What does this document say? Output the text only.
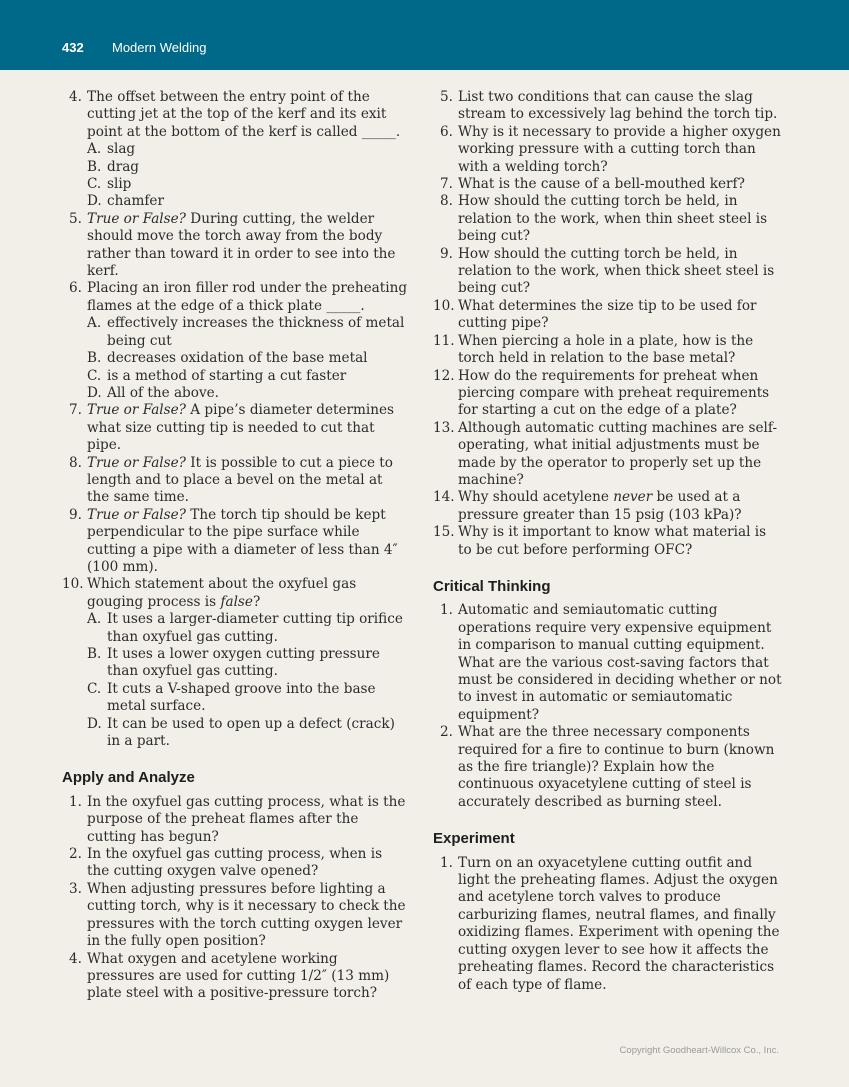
432 Modern Welding
4. The offset between the entry point of the cutting jet at the top of the kerf and its exit point at the bottom of the kerf is called _____.
A. slag
B. drag
C. slip
D. chamfer
5. True or False? During cutting, the welder should move the torch away from the body rather than toward it in order to see into the kerf.
6. Placing an iron filler rod under the preheating flames at the edge of a thick plate _____.
A. effectively increases the thickness of metal being cut
B. decreases oxidation of the base metal
C. is a method of starting a cut faster
D. All of the above.
7. True or False? A pipe’s diameter determines what size cutting tip is needed to cut that pipe.
8. True or False? It is possible to cut a piece to length and to place a bevel on the metal at the same time.
9. True or False? The torch tip should be kept perpendicular to the pipe surface while cutting a pipe with a diameter of less than 4″ (100 mm).
10. Which statement about the oxyfuel gas gouging process is false?
A. It uses a larger-diameter cutting tip orifice than oxyfuel gas cutting.
B. It uses a lower oxygen cutting pressure than oxyfuel gas cutting.
C. It cuts a V-shaped groove into the base metal surface.
D. It can be used to open up a defect (crack) in a part.
Apply and Analyze
1. In the oxyfuel gas cutting process, what is the purpose of the preheat flames after the cutting has begun?
2. In the oxyfuel gas cutting process, when is the cutting oxygen valve opened?
3. When adjusting pressures before lighting a cutting torch, why is it necessary to check the pressures with the torch cutting oxygen lever in the fully open position?
4. What oxygen and acetylene working pressures are used for cutting 1/2″ (13 mm) plate steel with a positive-pressure torch?
5. List two conditions that can cause the slag stream to excessively lag behind the torch tip.
6. Why is it necessary to provide a higher oxygen working pressure with a cutting torch than with a welding torch?
7. What is the cause of a bell-mouthed kerf?
8. How should the cutting torch be held, in relation to the work, when thin sheet steel is being cut?
9. How should the cutting torch be held, in relation to the work, when thick sheet steel is being cut?
10. What determines the size tip to be used for cutting pipe?
11. When piercing a hole in a plate, how is the torch held in relation to the base metal?
12. How do the requirements for preheat when piercing compare with preheat requirements for starting a cut on the edge of a plate?
13. Although automatic cutting machines are self-operating, what initial adjustments must be made by the operator to properly set up the machine?
14. Why should acetylene never be used at a pressure greater than 15 psig (103 kPa)?
15. Why is it important to know what material is to be cut before performing OFC?
Critical Thinking
1. Automatic and semiautomatic cutting operations require very expensive equipment in comparison to manual cutting equipment. What are the various cost-saving factors that must be considered in deciding whether or not to invest in automatic or semiautomatic equipment?
2. What are the three necessary components required for a fire to continue to burn (known as the fire triangle)? Explain how the continuous oxyacetylene cutting of steel is accurately described as burning steel.
Experiment
1. Turn on an oxyacetylene cutting outfit and light the preheating flames. Adjust the oxygen and acetylene torch valves to produce carburizing flames, neutral flames, and finally oxidizing flames. Experiment with opening the cutting oxygen lever to see how it affects the preheating flames. Record the characteristics of each type of flame.
Copyright Goodheart-Willcox Co., Inc.
